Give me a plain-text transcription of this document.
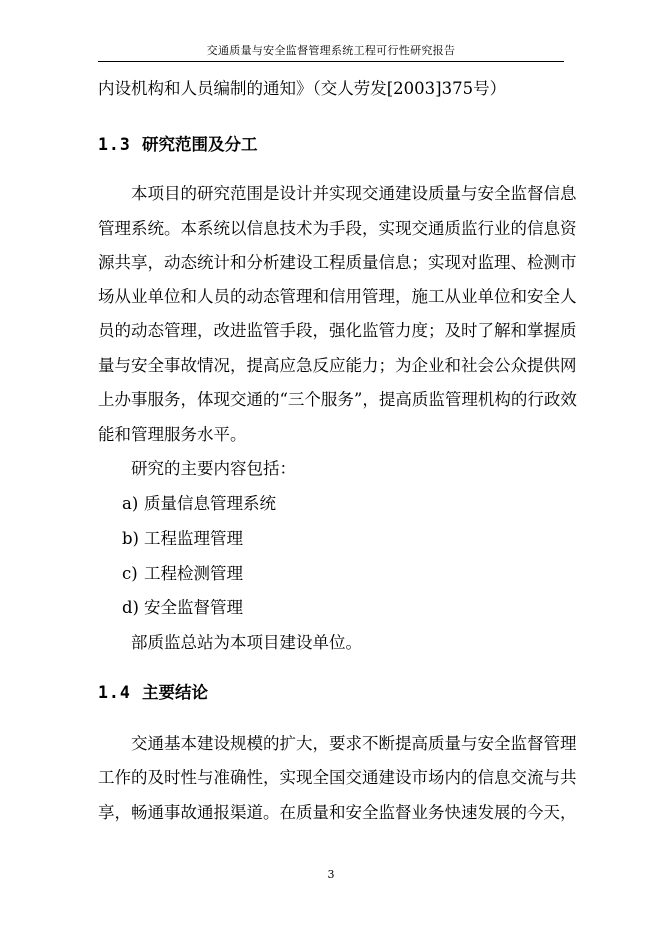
交通质量与安全监督管理系统工程可行性研究报告
内设机构和人员编制的通知》（交人劳发[2003]375号）
1.3 研究范围及分工
本项目的研究范围是设计并实现交通建设质量与安全监督信息
管理系统。本系统以信息技术为手段，实现交通质监行业的信息资
源共享，动态统计和分析建设工程质量信息；实现对监理、检测市
场从业单位和人员的动态管理和信用管理，施工从业单位和安全人
员的动态管理，改进监管手段，强化监管力度；及时了解和掌握质
量与安全事故情况，提高应急反应能力；为企业和社会公众提供网
上办事服务，体现交通的“三个服务”，提高质监管理机构的行政效
能和管理服务水平。
研究的主要内容包括：
a) 质量信息管理系统
b) 工程监理管理
c) 工程检测管理
d) 安全监督管理
部质监总站为本项目建设单位。
1.4 主要结论
交通基本建设规模的扩大，要求不断提高质量与安全监督管理
工作的及时性与准确性，实现全国交通建设市场内的信息交流与共
享，畅通事故通报渠道。在质量和安全监督业务快速发展的今天，
3
